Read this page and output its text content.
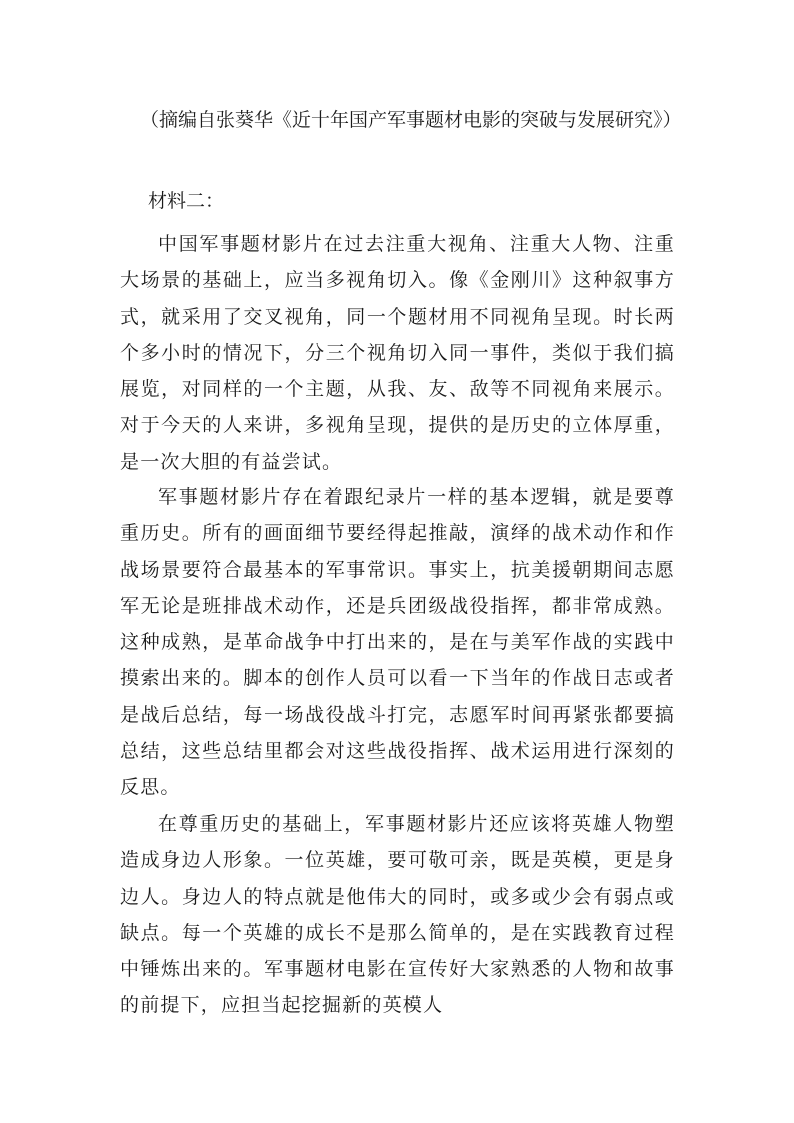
（摘编自张葵华《近十年国产军事题材电影的突破与发展研究》）
材料二：

中国军事题材影片在过去注重大视角、注重大人物、注重大场景的基础上，应当多视角切入。像《金刚川》这种叙事方式，就采用了交叉视角，同一个题材用不同视角呈现。时长两个多小时的情况下，分三个视角切入同一事件，类似于我们搞展览，对同样的一个主题，从我、友、敌等不同视角来展示。对于今天的人来讲，多视角呈现，提供的是历史的立体厚重，是一次大胆的有益尝试。

军事题材影片存在着跟纪录片一样的基本逻辑，就是要尊重历史。所有的画面细节要经得起推敲，演绎的战术动作和作战场景要符合最基本的军事常识。事实上，抗美援朝期间志愿军无论是班排战术动作，还是兵团级战役指挥，都非常成熟。这种成熟，是革命战争中打出来的，是在与美军作战的实践中摸索出来的。脚本的创作人员可以看一下当年的作战日志或者是战后总结，每一场战役战斗打完，志愿军时间再紧张都要搞总结，这些总结里都会对这些战役指挥、战术运用进行深刻的反思。

在尊重历史的基础上，军事题材影片还应该将英雄人物塑造成身边人形象。一位英雄，要可敬可亲，既是英模，更是身边人。身边人的特点就是他伟大的同时，或多或少会有弱点或缺点。每一个英雄的成长不是那么简单的，是在实践教育过程中锤炼出来的。军事题材电影在宣传好大家熟悉的人物和故事的前提下，应担当起挖掘新的英模人
